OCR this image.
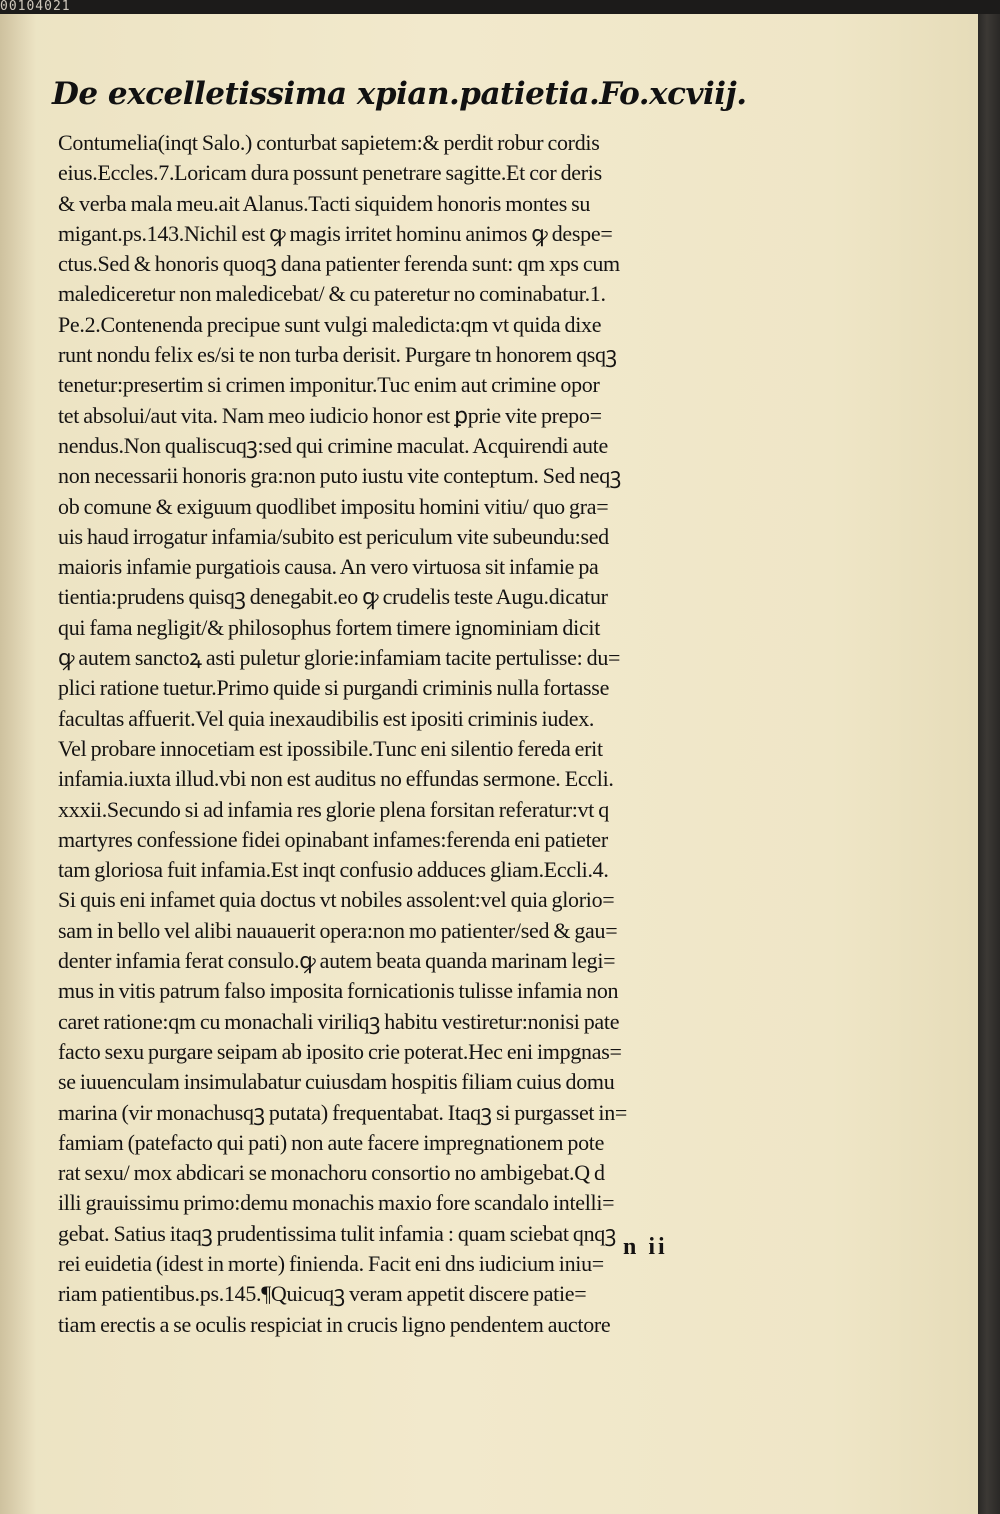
00104021
De excelletissima xpian.patietia.Fo.xcviij.
Contumelia(inqt Salo.) conturbat sapietem:& perdit robur cordis
eius.Eccles.7.Loricam dura possunt penetrare sagitte.Et cor deris
& verba mala meu.ait Alanus.Tacti siquidem honoris montes su
migant.ps.143.Nichil est ꝙ magis irritet hominu animos ꝙ despe=
ctus.Sed & honoris quoqꝫ dana patienter ferenda sunt: qm xps cum
malediceretur non maledicebat/ & cu pateretur no cominabatur.1.
Pe.2.Contenenda precipue sunt vulgi maledicta:qm vt quida dixe
runt nondu felix es/si te non turba derisit. Purgare tn honorem qsqꝫ
tenetur:presertim si crimen imponitur.Tuc enim aut crimine opor
tet absolui/aut vita. Nam meo iudicio honor est ꝑprie vite prepo=
nendus.Non qualiscuqꝫ:sed qui crimine maculat. Acquirendi aute
non necessarii honoris gra:non puto iustu vite conteptum. Sed neqꝫ
ob comune & exiguum quodlibet impositu homini vitiu/ quo gra=
uis haud irrogatur infamia/subito est periculum vite subeundu:sed
maioris infamie purgatiois causa. An vero virtuosa sit infamie pa
tientia:prudens quisqꝫ denegabit.eo ꝙ crudelis teste Augu.dicatur
qui fama negligit/& philosophus fortem timere ignominiam dicit
ꝙ autem sanctoꝝ asti puletur glorie:infamiam tacite pertulisse: du=
plici ratione tuetur.Primo quide si purgandi criminis nulla fortasse
facultas affuerit.Vel quia inexaudibilis est ipositi criminis iudex.
Vel probare innocetiam est ipossibile.Tunc eni silentio fereda erit
infamia.iuxta illud.vbi non est auditus no effundas sermone. Eccli.
xxxii.Secundo si ad infamia res glorie plena forsitan referatur:vt q
martyres confessione fidei opinabant infames:ferenda eni patieter
tam gloriosa fuit infamia.Est inqt confusio adduces gliam.Eccli.4.
Si quis eni infamet quia doctus vt nobiles assolent:vel quia glorio=
sam in bello vel alibi nauauerit opera:non mo patienter/sed & gau=
denter infamia ferat consulo.ꝙ autem beata quanda marinam legi=
mus in vitis patrum falso imposita fornicationis tulisse infamia non
caret ratione:qm cu monachali viriliqꝫ habitu vestiretur:nonisi pate
facto sexu purgare seipam ab iposito crie poterat.Hec eni impgnas=
se iuuenculam insimulabatur cuiusdam hospitis filiam cuius domu
marina (vir monachusqꝫ putata) frequentabat. Itaqꝫ si purgasset in=
famiam (patefacto qui pati) non aute facere impregnationem pote
rat sexu/ mox abdicari se monachoru consortio no ambigebat.Q d
illi grauissimu primo:demu monachis maxio fore scandalo intelli=
gebat. Satius itaqꝫ prudentissima tulit infamia : quam sciebat qnqꝫ
rei euidetia (idest in morte) finienda. Facit eni dns iudicium iniu=
riam patientibus.ps.145.¶Quicuqꝫ veram appetit discere patie=
tiam erectis a se oculis respiciat in crucis ligno pendentem auctore
n ii
